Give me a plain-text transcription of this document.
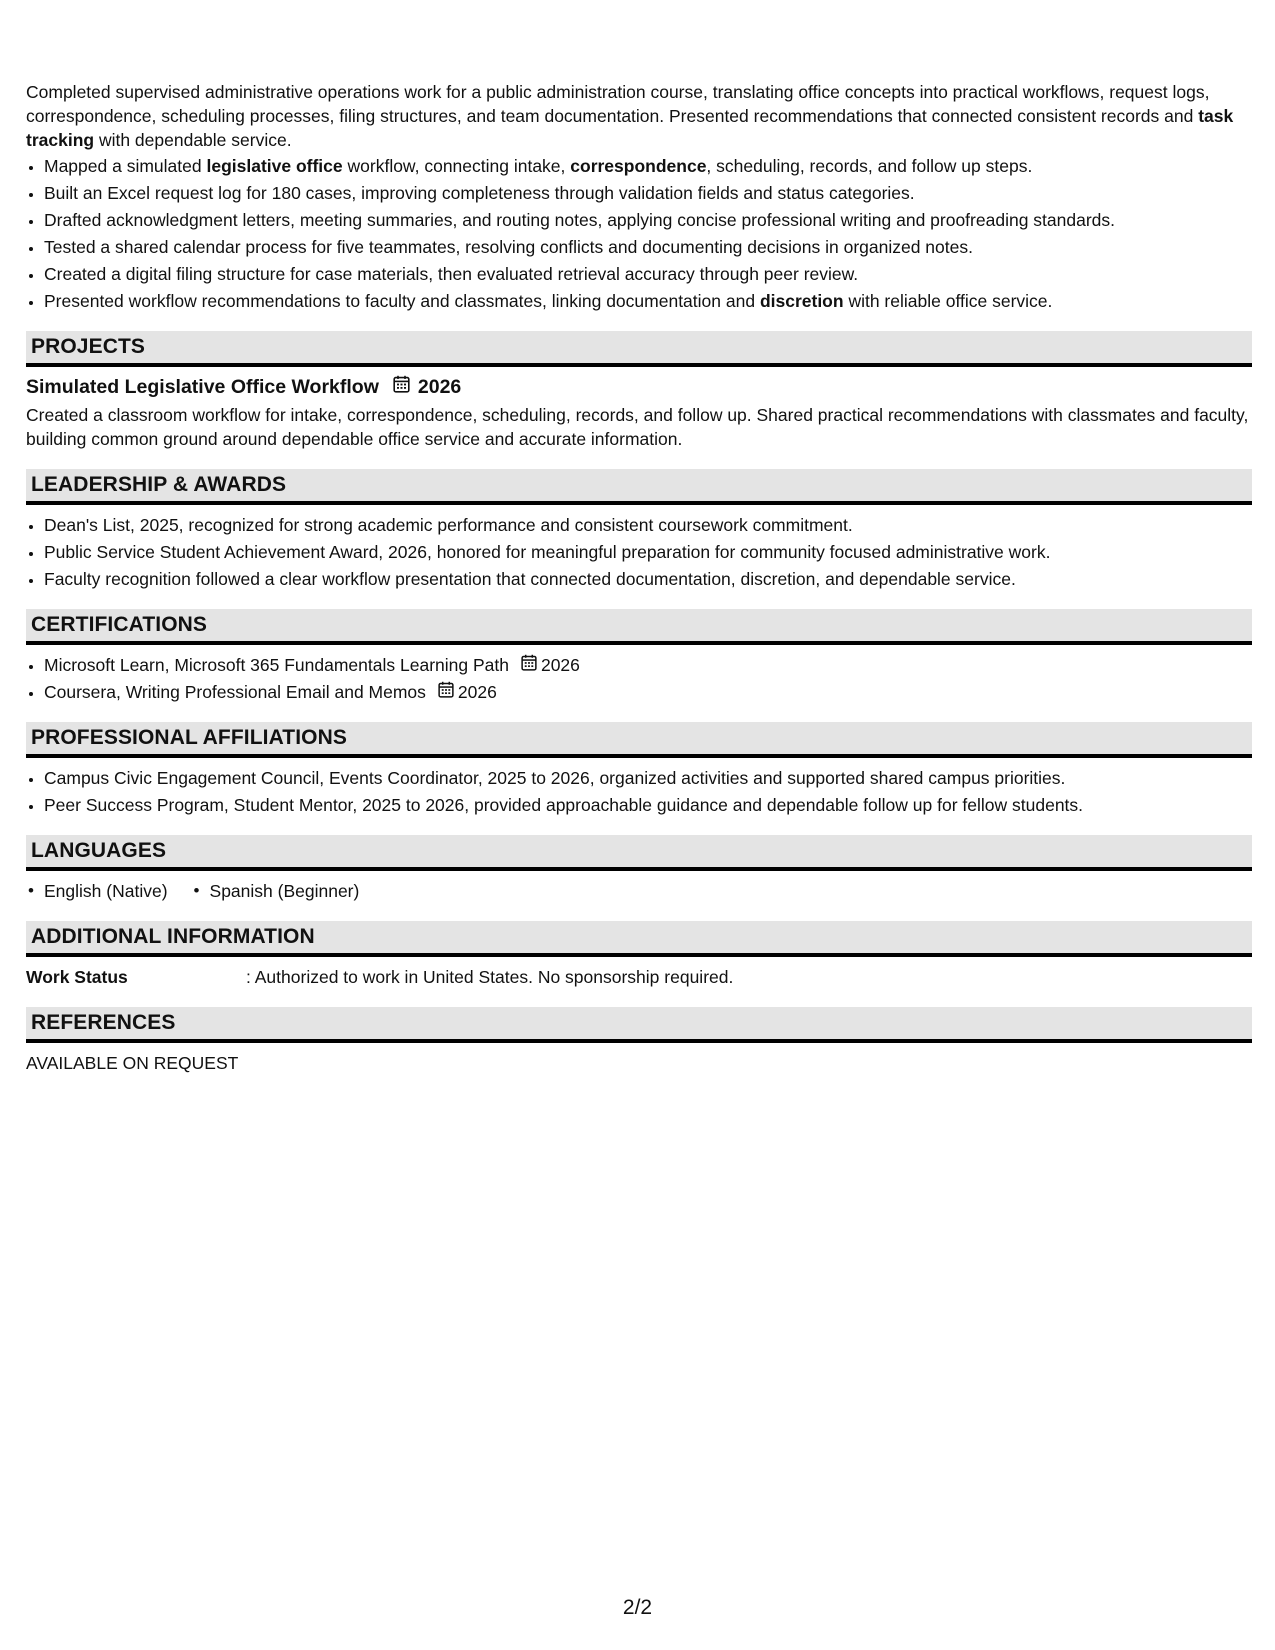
Completed supervised administrative operations work for a public administration course, translating office concepts into practical workflows, request logs, correspondence, scheduling processes, filing structures, and team documentation. Presented recommendations that connected consistent records and task tracking with dependable service.

• Mapped a simulated legislative office workflow, connecting intake, correspondence, scheduling, records, and follow up steps.
• Built an Excel request log for 180 cases, improving completeness through validation fields and status categories.
• Drafted acknowledgment letters, meeting summaries, and routing notes, applying concise professional writing and proofreading standards.
• Tested a shared calendar process for five teammates, resolving conflicts and documenting decisions in organized notes.
• Created a digital filing structure for case materials, then evaluated retrieval accuracy through peer review.
• Presented workflow recommendations to faculty and classmates, linking documentation and discretion with reliable office service.
PROJECTS
Simulated Legislative Office Workflow 2026

Created a classroom workflow for intake, correspondence, scheduling, records, and follow up. Shared practical recommendations with classmates and faculty, building common ground around dependable office service and accurate information.

LEADERSHIP & AWARDS
• Dean's List, 2025, recognized for strong academic performance and consistent coursework commitment.
• Public Service Student Achievement Award, 2026, honored for meaningful preparation for community focused administrative work.
• Faculty recognition followed a clear workflow presentation that connected documentation, discretion, and dependable service.
CERTIFICATIONS
• Microsoft Learn, Microsoft 365 Fundamentals Learning Path 2026
• Coursera, Writing Professional Email and Memos 2026
PROFESSIONAL AFFILIATIONS
• Campus Civic Engagement Council, Events Coordinator, 2025 to 2026, organized activities and supported shared campus priorities.
• Peer Success Program, Student Mentor, 2025 to 2026, provided approachable guidance and dependable follow up for fellow students.
LANGUAGES
• English (Native)
•	Spanish (Beginner)
ADDITIONAL INFORMATION
Work Status	: Authorized to work in United States. No sponsorship required.
REFERENCES

AVAILABLE ON REQUEST

2/2
